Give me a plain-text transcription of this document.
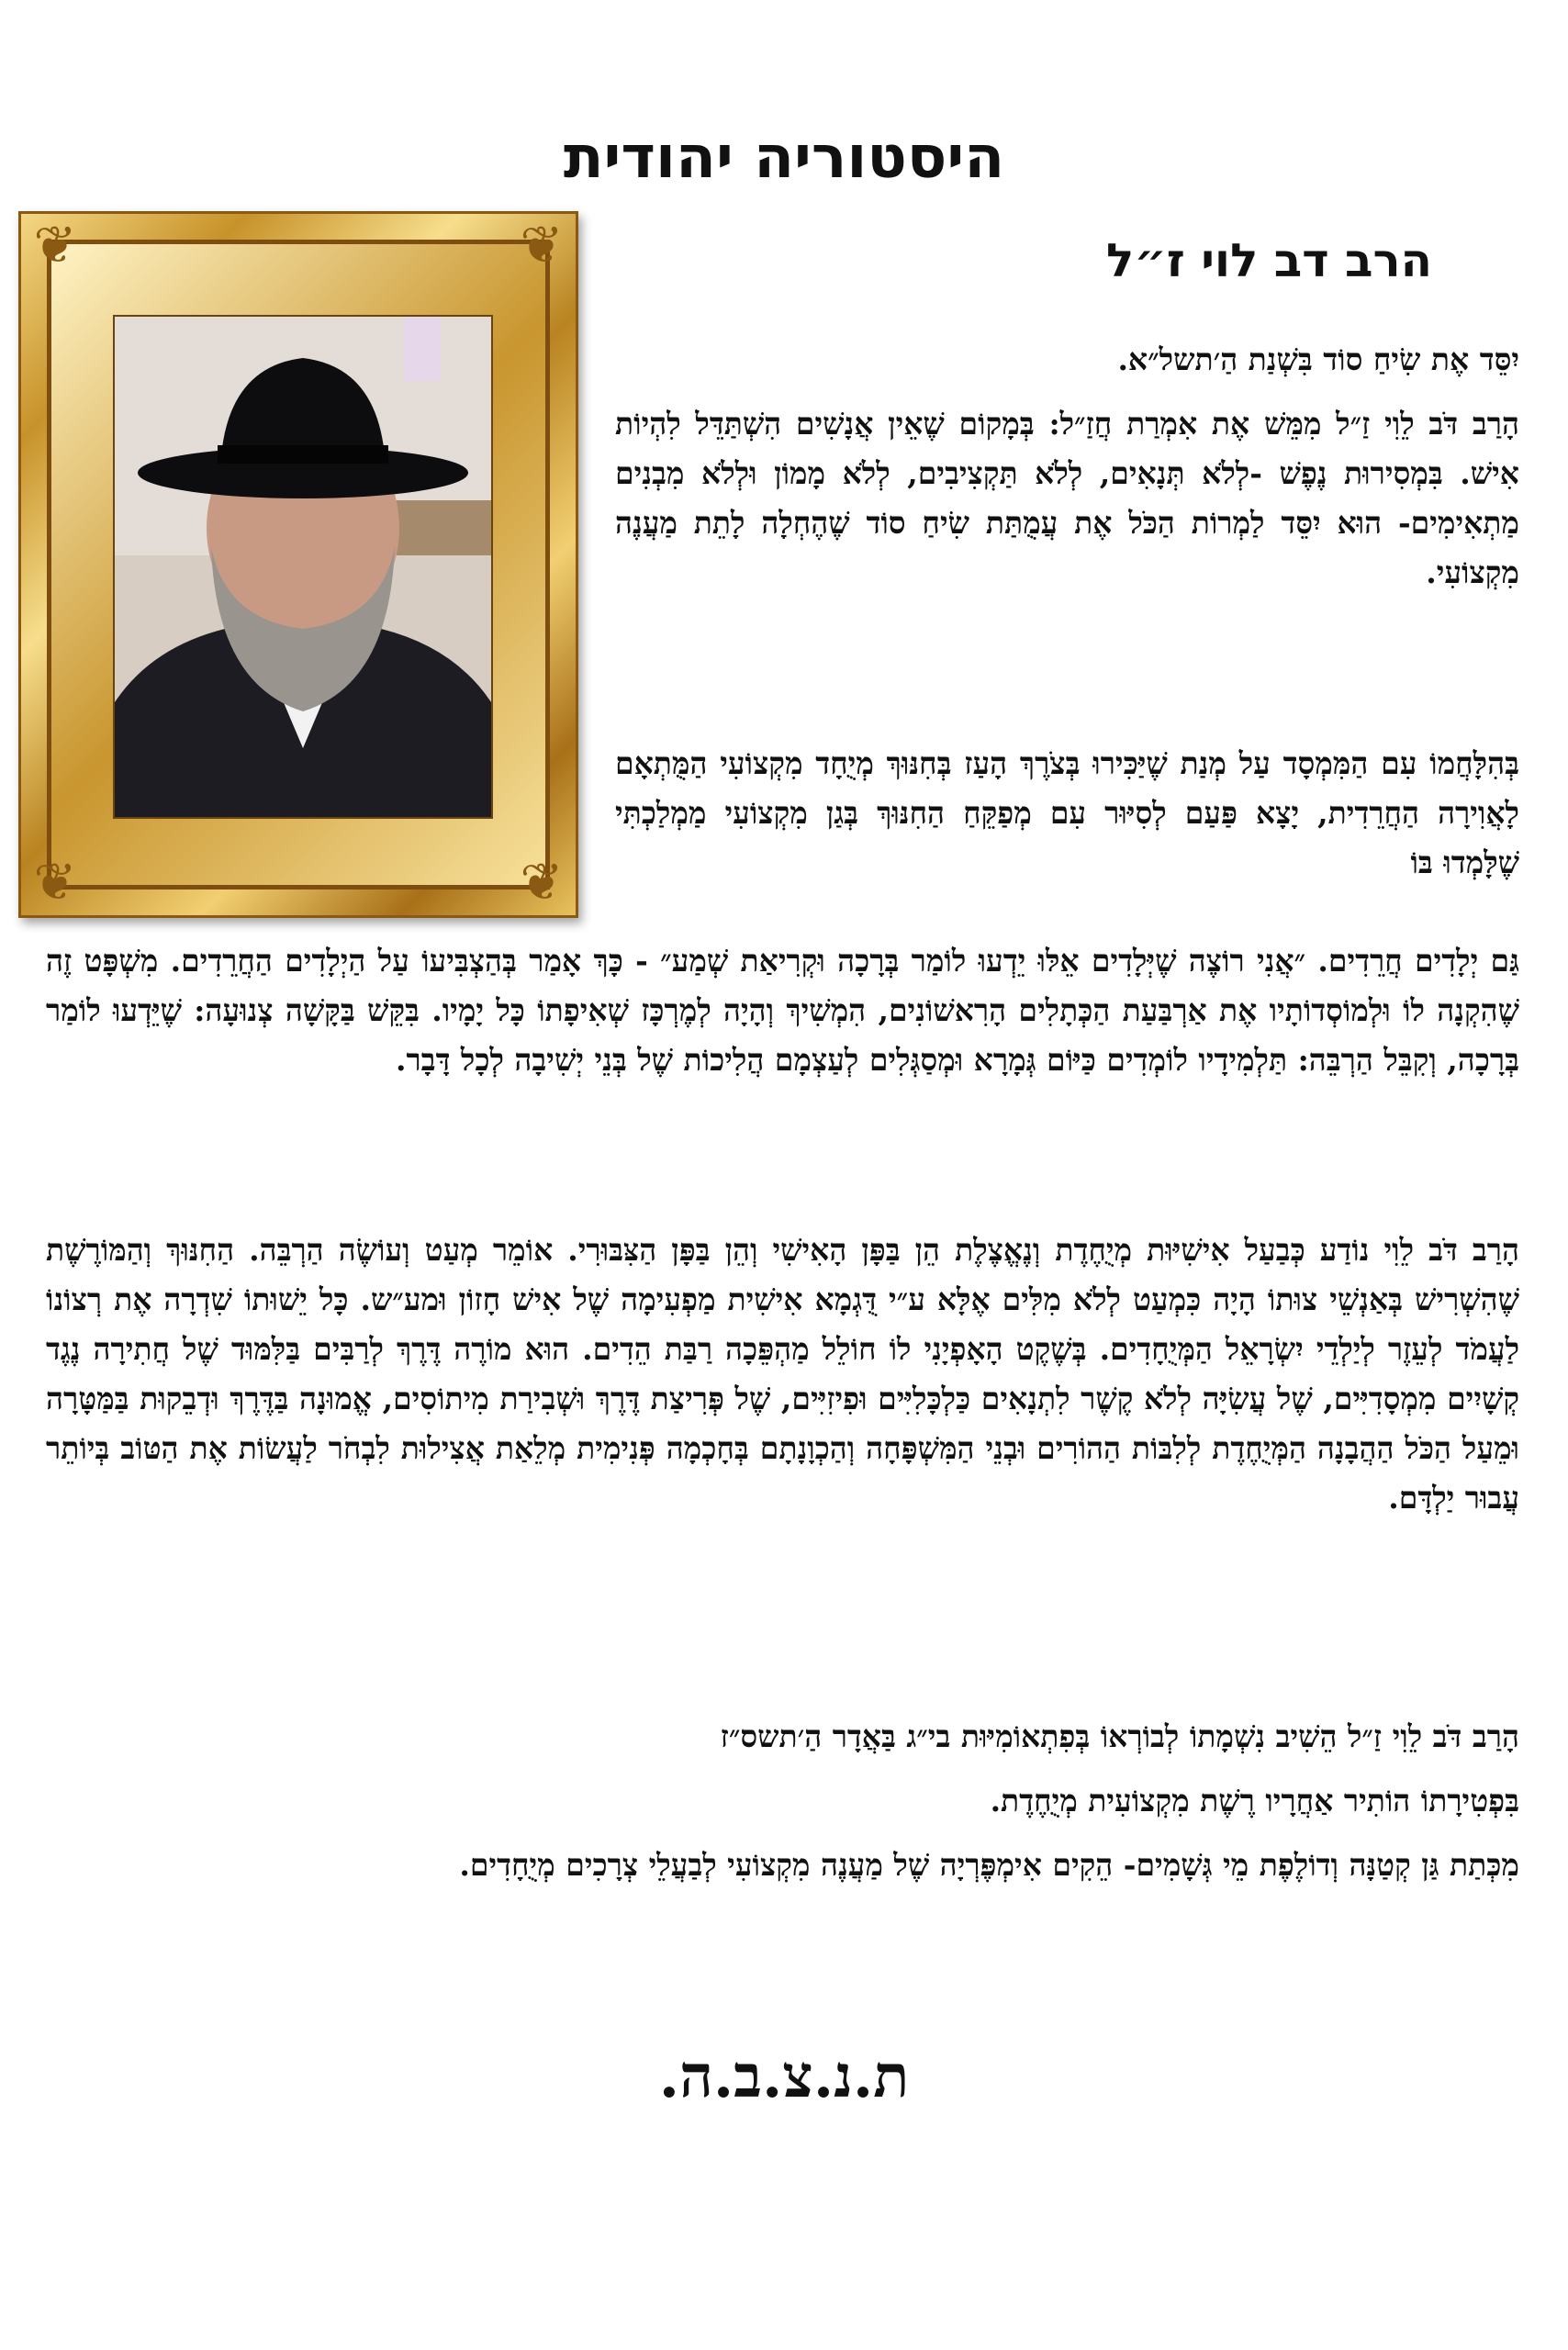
היסטוריה יהודית
❦	❦
❦	❦
הרב דב לוי ז״ל

יִסֵּד אֶת שִׂיחַ סוֹד בִּשְׁנַת הַ׳תשל״א.

הָרַב דֹּב לֵוִי זַ״ל מִמֵּשׁ אֶת אִמְרַת חֲזַ״ל: בְּמָקוֹם שֶׁאֵין אֲנָשִׁים הִשְׁתַּדֵּל לִהְיוֹת אִישׁ. בִּמְסִירוּת נֶפֶשׁ -לְלֹא תְּנָאִים, לְלֹא תַּקְצִיבִים, לְלֹא מָמוֹן וּלְלֹא מִבְנִים מַתְאִימִים- הוּא יִסֵּד לַמְרוֹת הַכֹּל אֶת עֲמֻתַּת שִׂיחַ סוֹד שֶׁהֶחְלָה לָתֵת מַעֲנֶה מִקְצוֹעִי.

בְּהִלָּחֲמוֹ עִם הַמִּמְסָד עַל מְנַת שֶׁיַּכִּירוּ בְּצֹרֶךְ הָעַז בְּחִנּוּךְ מְיֻחָד מִקְצוֹעִי הַמֻּתְאָם לָאֲוִירָה הַחֲרֵדִית, יָצָא פַּעַם לְסִיּוּר עִם מְפַקֵּחַ הַחִנּוּךְ בְּגַן מִקְצוֹעִי מַמְלַכְתִּי שֶׁלָּמְדוּ בּוֹ

גַּם יְלָדִים חֲרֵדִים. ״אֲנִי רוֹצֶה שֶׁיְּלָדִים אֵלּוּ יֵדְעוּ לוֹמַר בְּרָכָה וּקְרִיאַת שְׁמַע״ - כָּךְ אָמַר בְּהַצְבִּיעוֹ עַל הַיְלָדִים הַחֲרֵדִים. מִשְׁפָּט זֶה שֶׁהִקְנָה לוֹ וּלְמוֹסְדוֹתָיו אֶת אַרְבַּעַת הַכְּתָלִים הָרִאשׁוֹנִים, הִמְשִׁיךְ וְהָיָה לְמֶרְכָּז שְׁאִיפָתוֹ כָּל יָמָיו. בִּקֵּשׁ בַּקָּשָׁה צְנוּעָה: שֶׁיֵּדְעוּ לוֹמַר בְּרָכָה, וְקִבֵּל הַרְבֵּה: תַּלְמִידָיו לוֹמְדִים כַּיּוֹם גְּמָרָא וּמְסַגְּלִים לְעַצְמָם הֲלִיכוֹת שֶׁל בְּנֵי יְשִׁיבָה לְכָל דָּבָר.

הָרַב דֹּב לֵוִי נוֹדַע כְּבַעַל אִישִׁיּוּת מְיֻחֶדֶת וְנֶאֱצֶלֶת הֵן בַּפָּן הָאִישִׁי וְהֵן בַּפָּן הַצִּבּוּרִי. אוֹמֵר מְעַט וְעוֹשֶׂה הַרְבֵּה. הַחִנּוּךְ וְהַמּוֹרֶשֶׁת שֶׁהִשְׁרִישׁ בְּאַנְשֵׁי צוּתוֹ הָיָה כִּמְעַט לְלֹא מִלִּים אֶלָּא ע״י דֻּגְמָא אִישִׁית מַפְעִימָה שֶׁל אִישׁ חָזוֹן וּמע״ש. כָּל יֵשׁוּתוֹ שִׁדְרָה אֶת רְצוֹנוֹ לַעֲמֹד לְעֵזֶר לְיַלְדֵי יִשְׂרָאֵל הַמְּיֻחָדִים. בְּשֶׁקֶט הָאָפְיָנִי לוֹ חוֹלֵל מַהְפֵּכָה רַבַּת הֵדִים. הוּא מוֹרֶה דֶּרֶךְ לְרַבִּים בַּלִּמּוּד שֶׁל חֲתִירָה נֶגֶד קְשָׁיִים מִמְסָדִיִּים, שֶׁל עֲשִׂיָּה לְלֹא קֶשֶׁר לִתְנָאִים כַּלְכָּלִיִּים וּפִיזִיִּים, שֶׁל פְּרִיצַת דֶּרֶךְ וּשְׁבִירַת מִיתוֹסִים, אֱמוּנָה בַּדֶּרֶךְ וּדְבֵקוּת בַּמַּטָּרָה וּמֵעַל הַכֹּל הַהֲבָנָה הַמְּיֻחֶדֶת לְלִבּוֹת הַהוֹרִים וּבְנֵי הַמִּשְׁפָּחָה וְהַכְוָנָתָם בְּחָכְמָה פְּנִימִית מְלֵאַת אֲצִילוּת לִבְחֹר לַעֲשׂוֹת אֶת הַטּוֹב בְּיוֹתֵר עֲבוּר יַלְדָּם.

הָרַב דֹּב לֵוִי זַ״ל הֵשִׁיב נִשְׁמָתוֹ לְבוֹרְאוֹ בְּפִתְאוֹמִיּוּת בי״ג בַּאֲדָר הַ׳תשס״ז

בִּפְטִירָתוֹ הוֹתִיר אַחֲרָיו רֶשֶׁת מִקְצוֹעִית מְיֻחֶדֶת.

מִכְּתַת גַּן קְטַנָּה וְדוֹלֶפֶת מֵי גְּשָׁמִים- הֵקִים אִימְפֶּרְיָה שֶׁל מַעֲנֶה מִקְצוֹעִי לְבַעֲלֵי צְרָכִים מְיֻחָדִים.

ת.נ.צ.ב.ה.
